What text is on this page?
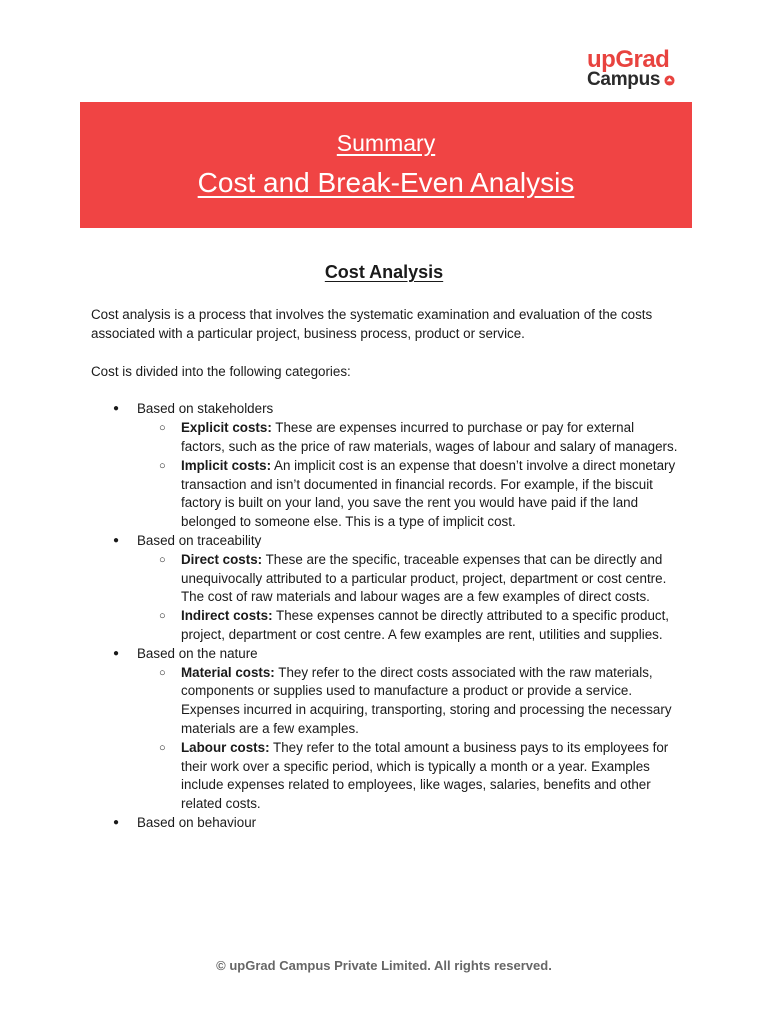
upGrad
Campus
Summary
Cost and Break-Even Analysis
Cost Analysis

Cost analysis is a process that involves the systematic examination and evaluation of the costs associated with a particular project, business process, product or service.

Cost is divided into the following categories:

● Based on stakeholders
○ Explicit costs: These are expenses incurred to purchase or pay for external factors, such as the price of raw materials, wages of labour and salary of managers.
○ Implicit costs: An implicit cost is an expense that doesn’t involve a direct monetary transaction and isn’t documented in financial records. For example, if the biscuit factory is built on your land, you save the rent you would have paid if the land belonged to someone else. This is a type of implicit cost.
● Based on traceability
○ Direct costs: These are the specific, traceable expenses that can be directly and unequivocally attributed to a particular product, project, department or cost centre. The cost of raw materials and labour wages are a few examples of direct costs.
○ Indirect costs: These expenses cannot be directly attributed to a specific product, project, department or cost centre. A few examples are rent, utilities and supplies.
● Based on the nature
○ Material costs: They refer to the direct costs associated with the raw materials, components or supplies used to manufacture a product or provide a service. Expenses incurred in acquiring, transporting, storing and processing the necessary materials are a few examples.
○ Labour costs: They refer to the total amount a business pays to its employees for their work over a specific period, which is typically a month or a year. Examples include expenses related to employees, like wages, salaries, benefits and other related costs.
● Based on behaviour
© upGrad Campus Private Limited. All rights reserved.
